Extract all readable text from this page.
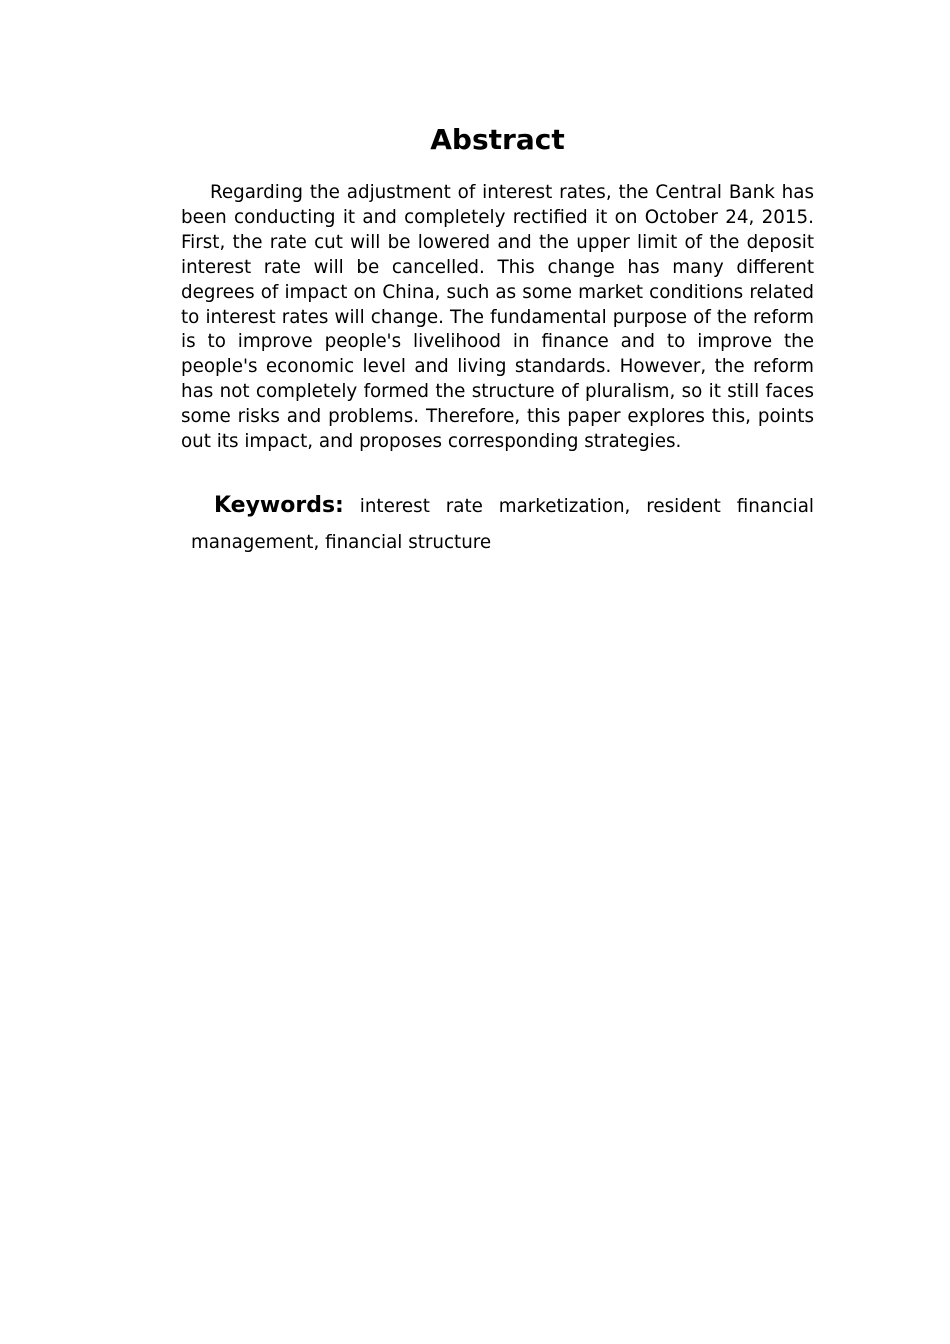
Abstract

Regarding the adjustment of interest rates, the Central Bank has been conducting it and completely rectified it on October 24, 2015. First, the rate cut will be lowered and the upper limit of the deposit interest rate will be cancelled. This change has many different degrees of impact on China, such as some market conditions related to interest rates will change. The fundamental purpose of the reform is to improve people's livelihood in finance and to improve the people's economic level and living standards. However, the reform has not completely formed the structure of pluralism, so it still faces some risks and problems. Therefore, this paper explores this, points out its impact, and proposes corresponding strategies.

Keywords: interest rate marketization, resident financial management, financial structure
